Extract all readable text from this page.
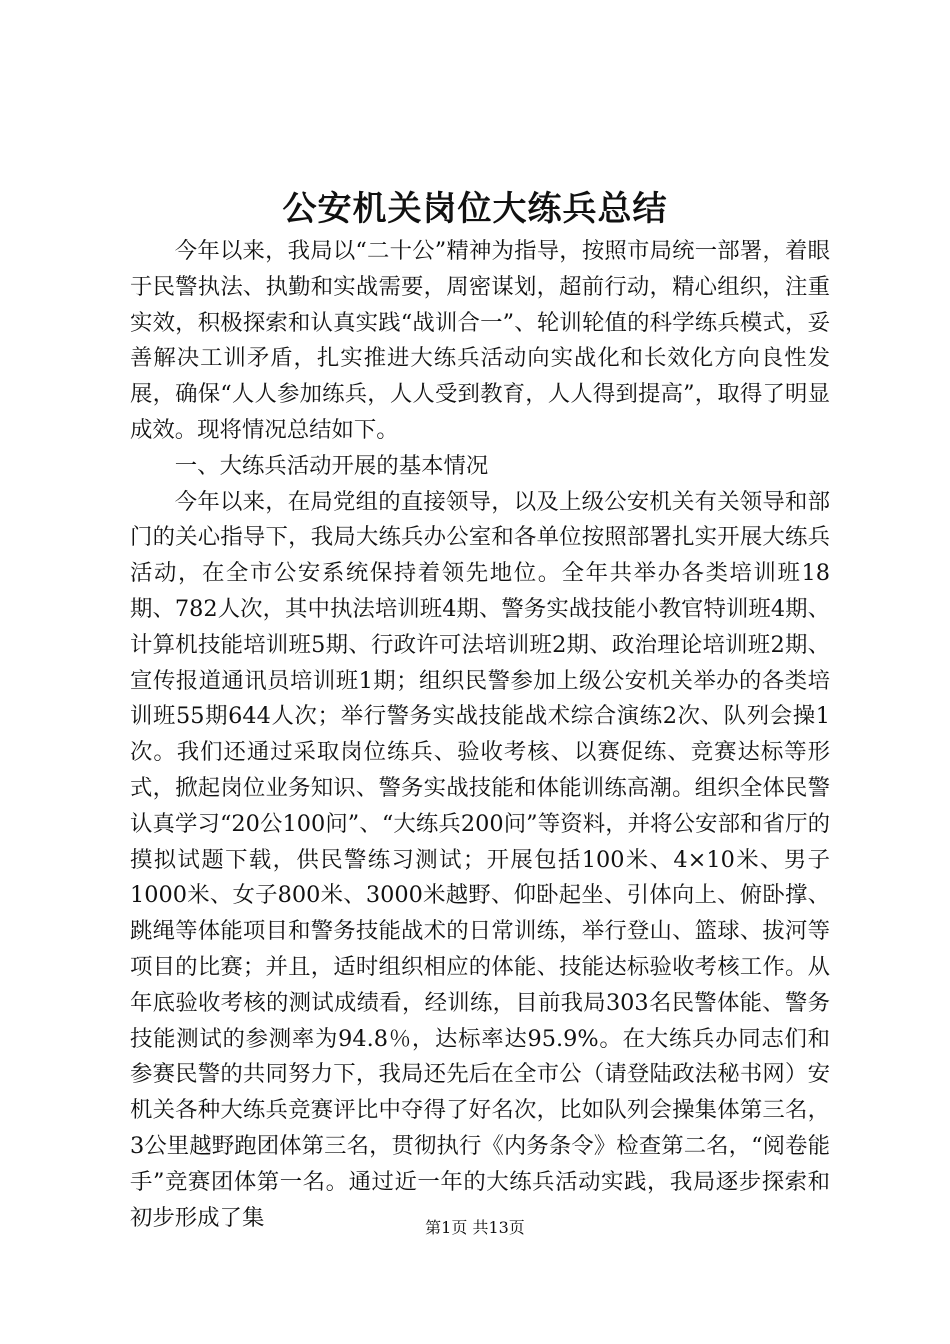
公安机关岗位大练兵总结

今年以来，我局以“二十公”精神为指导，按照市局统一部署，着眼于民警执法、执勤和实战需要，周密谋划，超前行动，精心组织，注重实效，积极探索和认真实践“战训合一”、轮训轮值的科学练兵模式，妥善解决工训矛盾，扎实推进大练兵活动向实战化和长效化方向良性发展，确保“人人参加练兵，人人受到教育，人人得到提高”，取得了明显成效。现将情况总结如下。

一、大练兵活动开展的基本情况

今年以来，在局党组的直接领导，以及上级公安机关有关领导和部门的关心指导下，我局大练兵办公室和各单位按照部署扎实开展大练兵活动，在全市公安系统保持着领先地位。全年共举办各类培训班18期、782人次，其中执法培训班4期、警务实战技能小教官特训班4期、计算机技能培训班5期、行政许可法培训班2期、政治理论培训班2期、宣传报道通讯员培训班1期；组织民警参加上级公安机关举办的各类培训班55期644人次；举行警务实战技能战术综合演练2次、队列会操1次。我们还通过采取岗位练兵、验收考核、以赛促练、竞赛达标等形式，掀起岗位业务知识、警务实战技能和体能训练高潮。组织全体民警认真学习“20公100问”、“大练兵200问”等资料，并将公安部和省厅的摸拟试题下载，供民警练习测试；开展包括100米、4×10米、男子1000米、女子800米、3000米越野、仰卧起坐、引体向上、俯卧撑、跳绳等体能项目和警务技能战术的日常训练，举行登山、篮球、拔河等项目的比赛；并且，适时组织相应的体能、技能达标验收考核工作。从年底验收考核的测试成绩看，经训练，目前我局303名民警体能、警务技能测试的参测率为94.8％，达标率达95.9%。在大练兵办同志们和参赛民警的共同努力下，我局还先后在全市公（请登陆政法秘书网）安机关各种大练兵竞赛评比中夺得了好名次，比如队列会操集体第三名，3公里越野跑团体第三名，贯彻执行《内务条令》检查第二名，“阅卷能手”竞赛团体第一名。通过近一年的大练兵活动实践，我局逐步探索和初步形成了集	第1页 共13页
